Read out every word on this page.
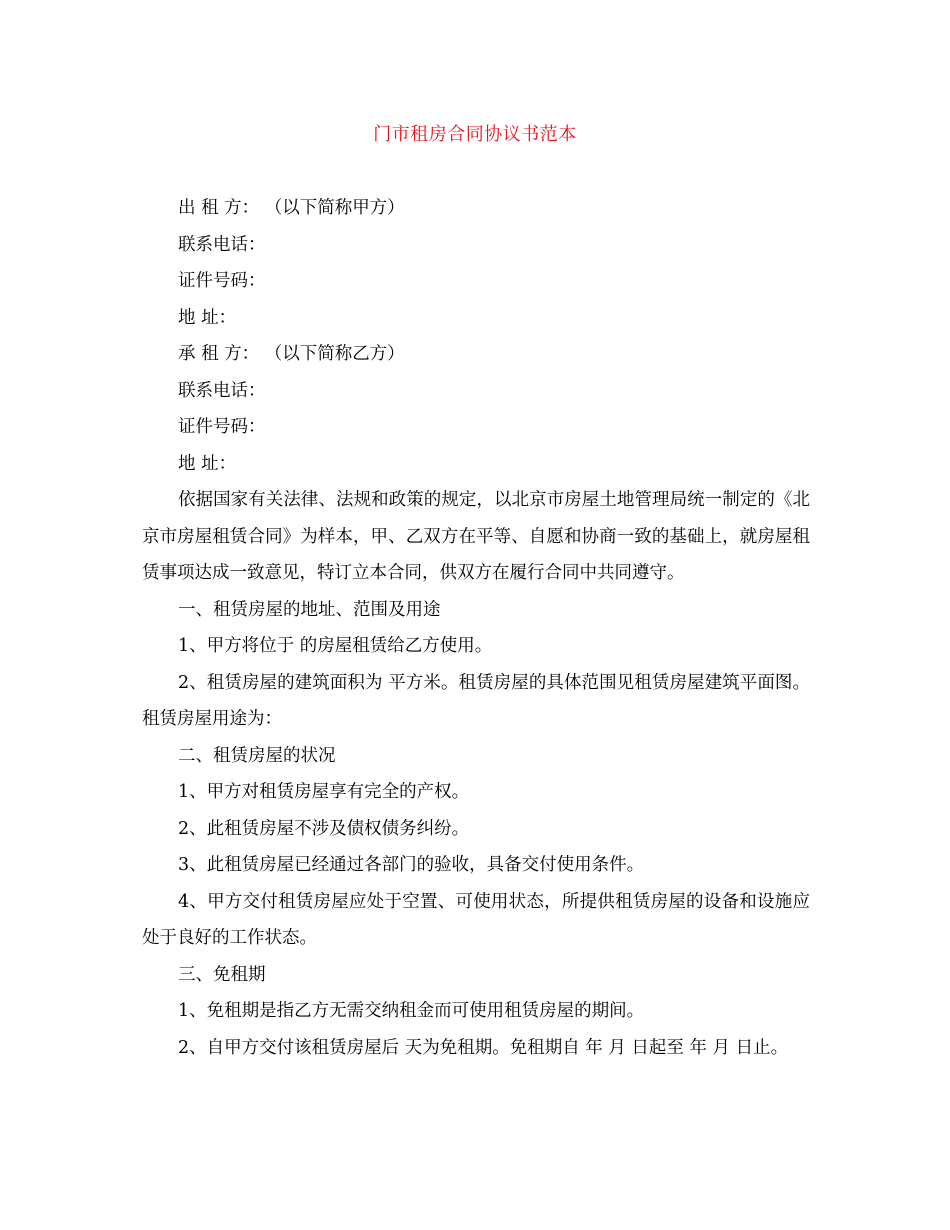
门市租房合同协议书范本

出 租 方： （以下简称甲方）

联系电话：

证件号码：

地 址：

承 租 方： （以下简称乙方）

联系电话：

证件号码：

地 址：

依据国家有关法律、法规和政策的规定，以北京市房屋土地管理局统一制定的《北京市房屋租赁合同》为样本，甲、乙双方在平等、自愿和协商一致的基础上，就房屋租赁事项达成一致意见，特订立本合同，供双方在履行合同中共同遵守。

一、租赁房屋的地址、范围及用途

1、甲方将位于 的房屋租赁给乙方使用。

2、租赁房屋的建筑面积为 平方米。租赁房屋的具体范围见租赁房屋建筑平面图。租赁房屋用途为：

二、租赁房屋的状况

1、甲方对租赁房屋享有完全的产权。

2、此租赁房屋不涉及债权债务纠纷。

3、此租赁房屋已经通过各部门的验收，具备交付使用条件。

4、甲方交付租赁房屋应处于空置、可使用状态，所提供租赁房屋的设备和设施应处于良好的工作状态。

三、免租期

1、免租期是指乙方无需交纳租金而可使用租赁房屋的期间。

2、自甲方交付该租赁房屋后 天为免租期。免租期自 年 月 日起至 年 月 日止。
